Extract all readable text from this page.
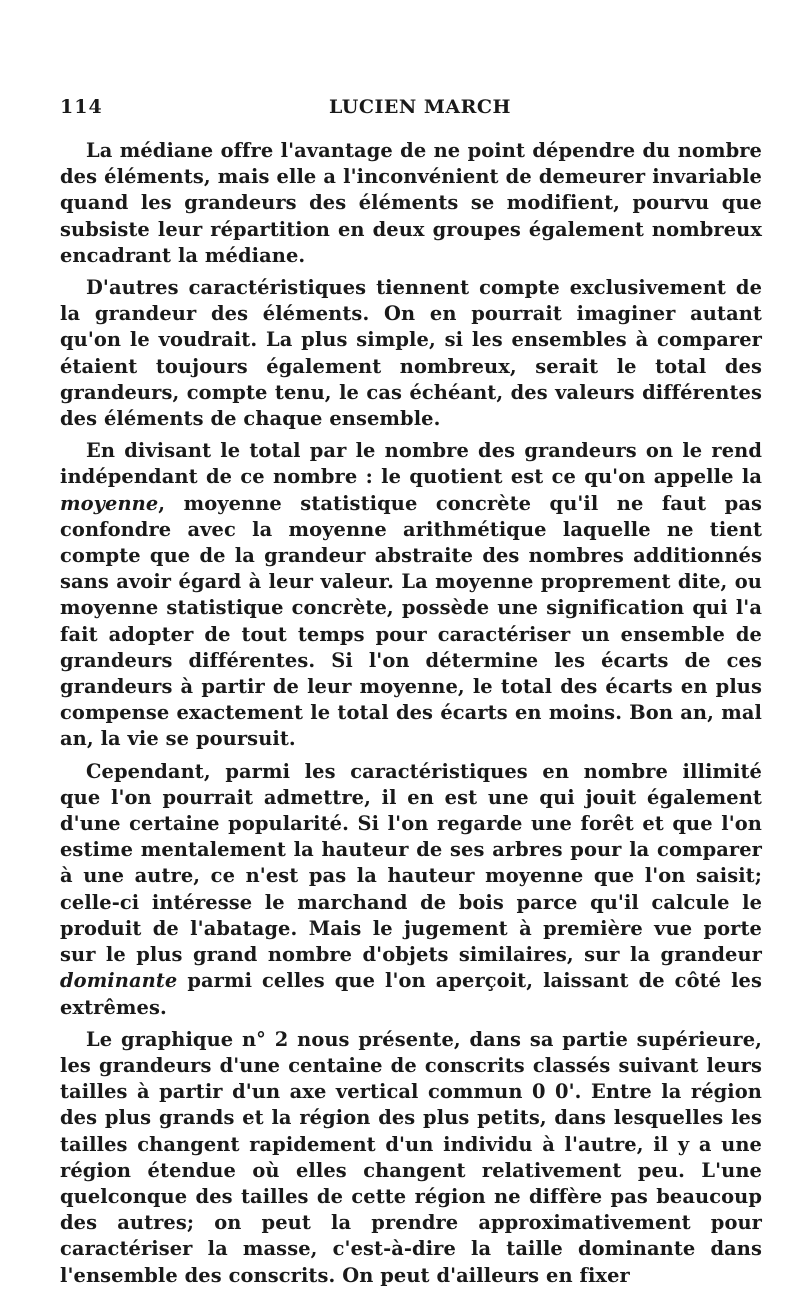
114	LUCIEN MARCH

La médiane offre l'avantage de ne point dépendre du nombre des éléments, mais elle a l'inconvénient de demeurer invariable quand les grandeurs des éléments se modifient, pourvu que subsiste leur répartition en deux groupes également nombreux encadrant la médiane.

D'autres caractéristiques tiennent compte exclusivement de la grandeur des éléments. On en pourrait imaginer autant qu'on le voudrait. La plus simple, si les ensembles à comparer étaient toujours également nombreux, serait le total des grandeurs, compte tenu, le cas échéant, des valeurs différentes des éléments de chaque ensemble.

En divisant le total par le nombre des grandeurs on le rend indépendant de ce nombre : le quotient est ce qu'on appelle la moyenne, moyenne statistique concrète qu'il ne faut pas confondre avec la moyenne arithmétique laquelle ne tient compte que de la grandeur abstraite des nombres additionnés sans avoir égard à leur valeur. La moyenne proprement dite, ou moyenne statistique concrète, possède une signification qui l'a fait adopter de tout temps pour caractériser un ensemble de grandeurs différentes. Si l'on détermine les écarts de ces grandeurs à partir de leur moyenne, le total des écarts en plus compense exactement le total des écarts en moins. Bon an, mal an, la vie se poursuit.

Cependant, parmi les caractéristiques en nombre illimité que l'on pourrait admettre, il en est une qui jouit également d'une certaine popularité. Si l'on regarde une forêt et que l'on estime mentalement la hauteur de ses arbres pour la comparer à une autre, ce n'est pas la hauteur moyenne que l'on saisit; celle-ci intéresse le marchand de bois parce qu'il calcule le produit de l'abatage. Mais le jugement à première vue porte sur le plus grand nombre d'objets similaires, sur la grandeur dominante parmi celles que l'on aperçoit, laissant de côté les extrêmes.

Le graphique n° 2 nous présente, dans sa partie supérieure, les grandeurs d'une centaine de conscrits classés suivant leurs tailles à partir d'un axe vertical commun 0 0'. Entre la région des plus grands et la région des plus petits, dans lesquelles les tailles changent rapidement d'un individu à l'autre, il y a une région étendue où elles changent relativement peu. L'une quelconque des tailles de cette région ne diffère pas beaucoup des autres; on peut la prendre approximativement pour caractériser la masse, c'est-à-dire la taille dominante dans l'ensemble des conscrits. On peut d'ailleurs en fixer
